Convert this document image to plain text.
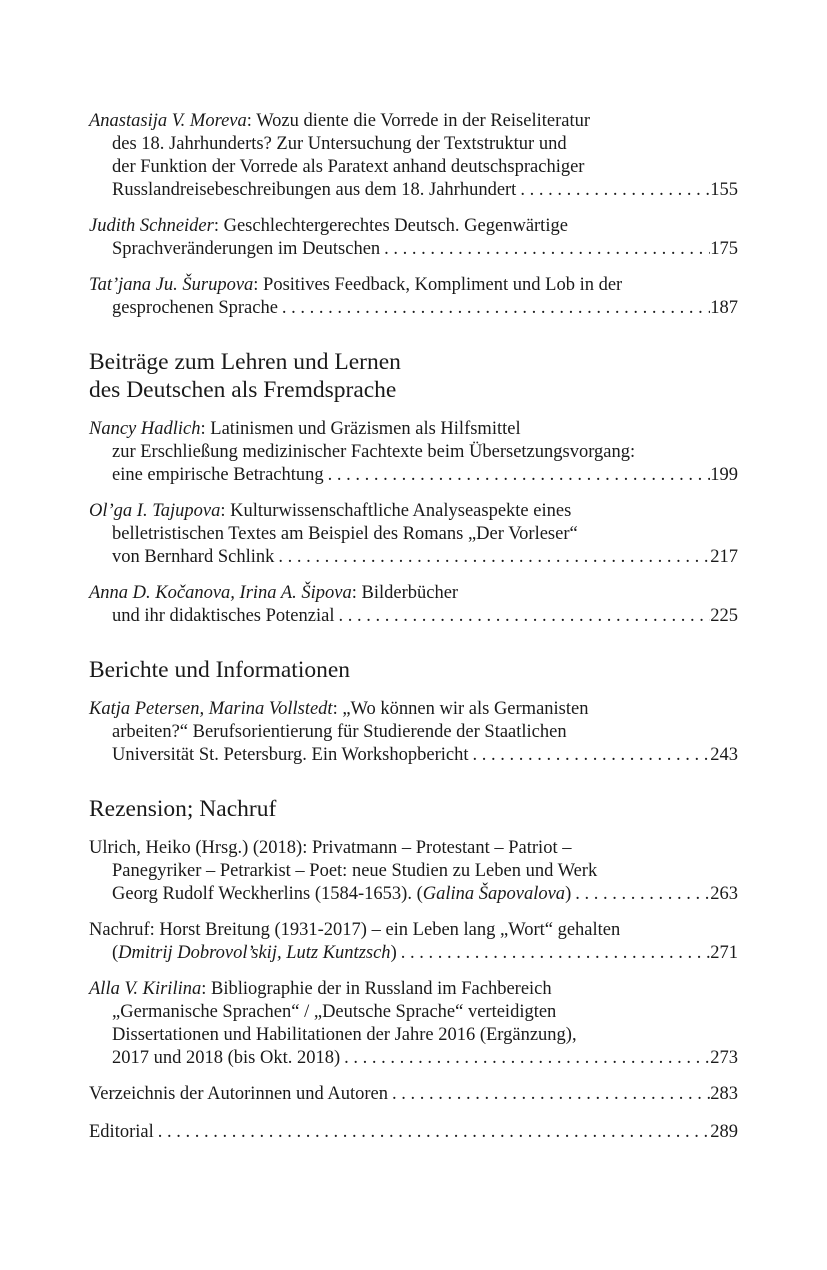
Anastasija V. Moreva: Wozu diente die Vorrede in der Reiseliteratur
des 18. Jahrhunderts? Zur Untersuchung der Textstruktur und
der Funktion der Vorrede als Paratext anhand deutschsprachiger
Russlandreisebeschreibungen aus dem 18. Jahrhundert . . .	155
Judith Schneider: Geschlechtergerechtes Deutsch. Gegenwärtige
Sprachveränderungen im Deutschen . . .	175
Tat’jana Ju. Šurupova: Positives Feedback, Kompliment und Lob in der
gesprochenen Sprache . . .	187
Beiträge zum Lehren und Lernen
des Deutschen als Fremdsprache
Nancy Hadlich: Latinismen und Gräzismen als Hilfsmittel
zur Erschließung medizinischer Fachtexte beim Übersetzungsvorgang:
eine empirische Betrachtung . . .	199
Ol’ga I. Tajupova: Kulturwissenschaftliche Analyseaspekte eines
belletristischen Textes am Beispiel des Romans „Der Vorleser“
von Bernhard Schlink . . .	217
Anna D. Kočanova, Irina A. Šipova: Bilderbücher
und ihr didaktisches Potenzial . . .	225
Berichte und Informationen
Katja Petersen, Marina Vollstedt: „Wo können wir als Germanisten
arbeiten?“ Berufsorientierung für Studierende der Staatlichen
Universität St. Petersburg. Ein Workshopbericht . . .	243
Rezension; Nachruf
Ulrich, Heiko (Hrsg.) (2018): Privatmann – Protestant – Patriot –
Panegyriker – Petrarkist – Poet: neue Studien zu Leben und Werk
Georg Rudolf Weckherlins (1584-1653). (Galina Šapovalova) . . .	263
Nachruf: Horst Breitung (1931-2017) – ein Leben lang „Wort“ gehalten
(Dmitrij Dobrovol’skij, Lutz Kuntzsch) . . .	271
Alla V. Kirilina: Bibliographie der in Russland im Fachbereich
„Germanische Sprachen“ / „Deutsche Sprache“ verteidigten
Dissertationen und Habilitationen der Jahre 2016 (Ergänzung),
2017 und 2018 (bis Okt. 2018) . . .	273
Verzeichnis der Autorinnen und Autoren . . .	283
Editorial . . .	289
